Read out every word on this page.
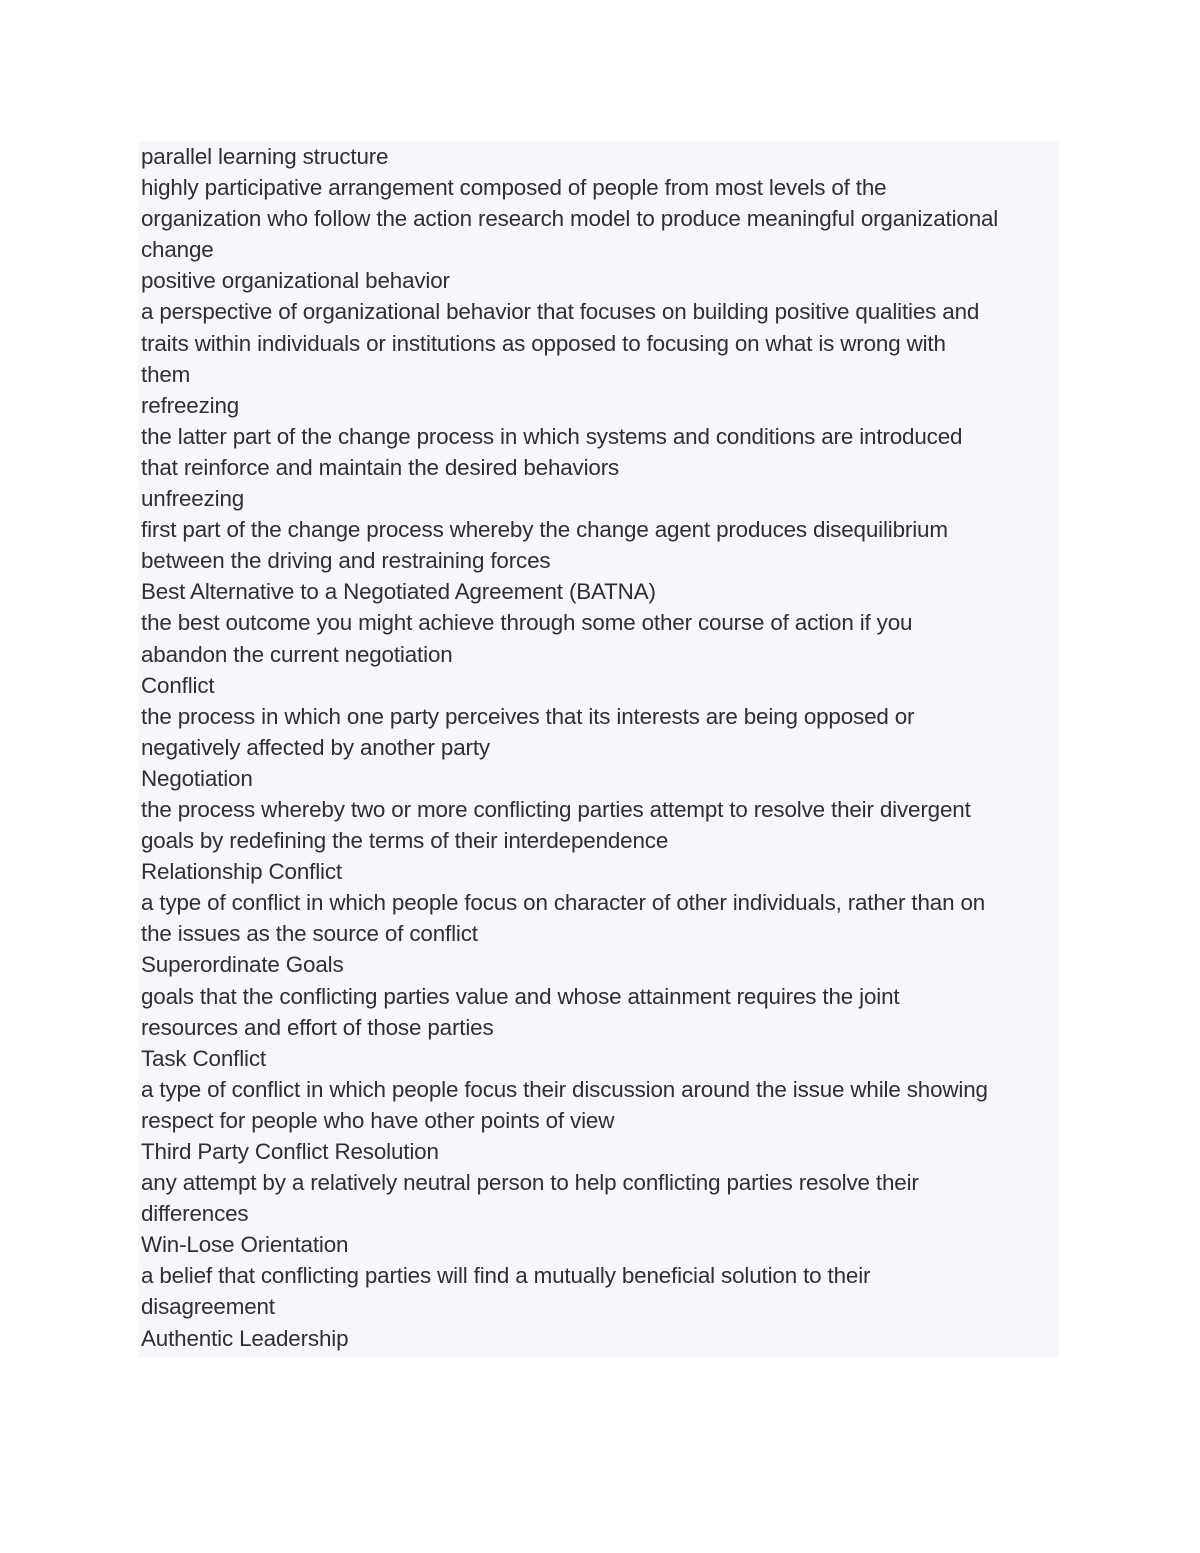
parallel learning structure
highly participative arrangement composed of people from most levels of the
organization who follow the action research model to produce meaningful organizational
change
positive organizational behavior
a perspective of organizational behavior that focuses on building positive qualities and
traits within individuals or institutions as opposed to focusing on what is wrong with
them
refreezing
the latter part of the change process in which systems and conditions are introduced
that reinforce and maintain the desired behaviors
unfreezing
first part of the change process whereby the change agent produces disequilibrium
between the driving and restraining forces
Best Alternative to a Negotiated Agreement (BATNA)
the best outcome you might achieve through some other course of action if you
abandon the current negotiation
Conflict
the process in which one party perceives that its interests are being opposed or
negatively affected by another party
Negotiation
the process whereby two or more conflicting parties attempt to resolve their divergent
goals by redefining the terms of their interdependence
Relationship Conflict
a type of conflict in which people focus on character of other individuals, rather than on
the issues as the source of conflict
Superordinate Goals
goals that the conflicting parties value and whose attainment requires the joint
resources and effort of those parties
Task Conflict
a type of conflict in which people focus their discussion around the issue while showing
respect for people who have other points of view
Third Party Conflict Resolution
any attempt by a relatively neutral person to help conflicting parties resolve their
differences
Win-Lose Orientation
a belief that conflicting parties will find a mutually beneficial solution to their
disagreement
Authentic Leadership
